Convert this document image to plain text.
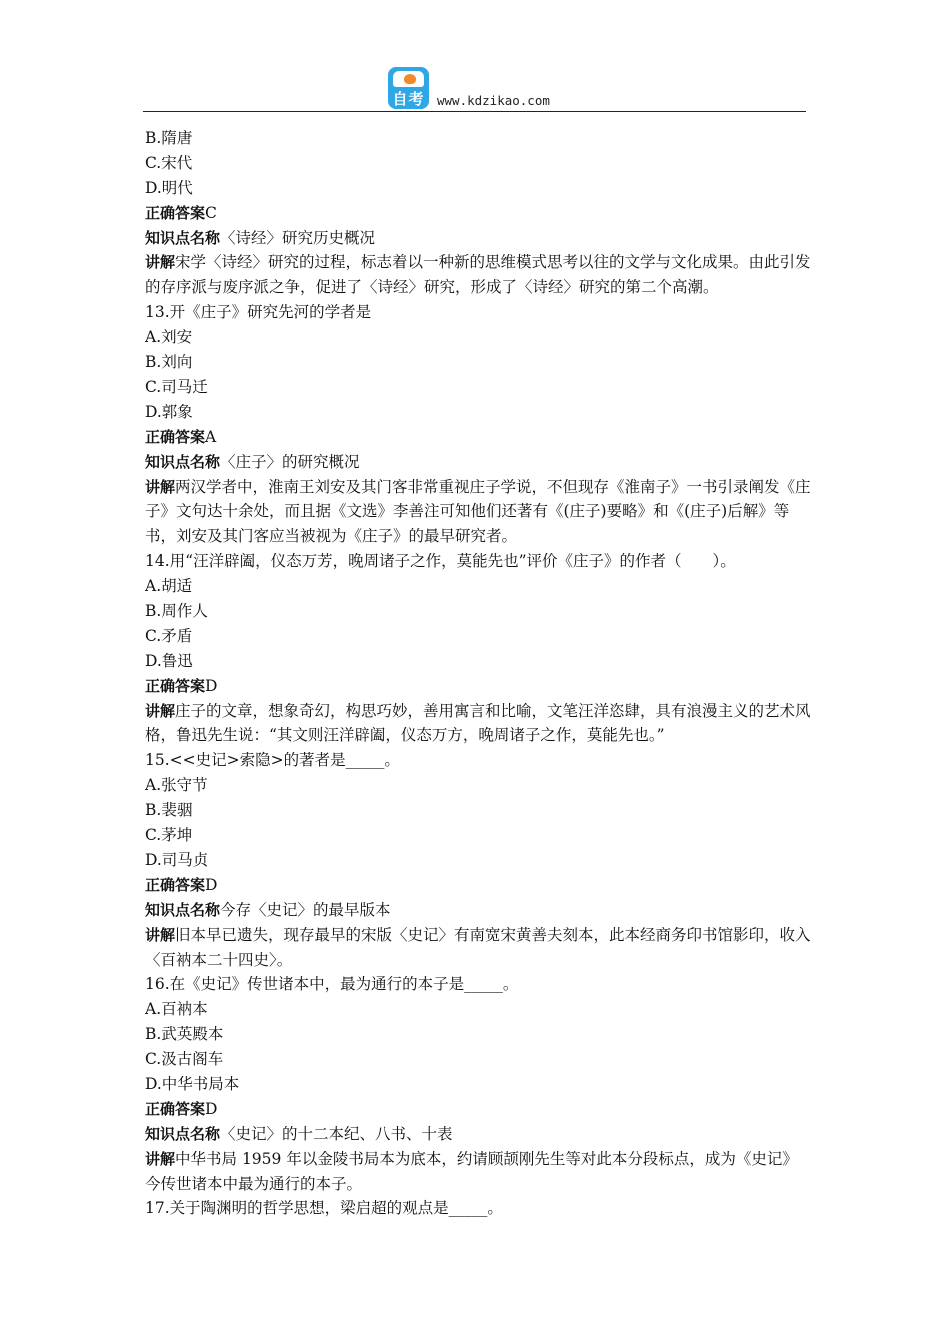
自考	www.kdzikao.com
B.隋唐
C.宋代
D.明代
正确答案C
知识点名称〈诗经〉研究历史概况
讲解宋学〈诗经〉研究的过程，标志着以一种新的思维模式思考以往的文学与文化成果。由此引发的存序派与废序派之争，促进了〈诗经〉研究，形成了〈诗经〉研究的第二个高潮。
13.开《庄子》研究先河的学者是
A.刘安
B.刘向
C.司马迁
D.郭象
正确答案A
知识点名称〈庄子〉的研究概况
讲解两汉学者中，淮南王刘安及其门客非常重视庄子学说，不但现存《淮南子》一书引录阐发《庄子》文句达十余处，而且据《文选》李善注可知他们还著有《(庄子)要略》和《(庄子)后解》等书，刘安及其门客应当被视为《庄子》的最早研究者。
14.用“汪洋辟阖，仪态万芳，晚周诸子之作，莫能先也”评价《庄子》的作者（　　）。
A.胡适
B.周作人
C.矛盾
D.鲁迅
正确答案D
讲解庄子的文章，想象奇幻，构思巧妙，善用寓言和比喻，文笔汪洋恣肆，具有浪漫主义的艺术风格，鲁迅先生说：“其文则汪洋辟阖，仪态万方，晚周诸子之作，莫能先也。”
15.<<史记>索隐>的著者是_____。
A.张守节
B.裴骃
C.茅坤
D.司马贞
正确答案D
知识点名称今存〈史记〉的最早版本
讲解旧本早已遗失，现存最早的宋版〈史记〉有南宽宋黄善夫刻本，此本经商务印书馆影印，收入〈百衲本二十四史〉。
16.在《史记》传世诸本中，最为通行的本子是_____。
A.百衲本
B.武英殿本
C.汲古阁车
D.中华书局本
正确答案D
知识点名称〈史记〉的十二本纪、八书、十表
讲解中华书局 1959 年以金陵书局本为底本，约请顾颉刚先生等对此本分段标点，成为《史记》今传世诸本中最为通行的本子。
17.关于陶渊明的哲学思想，梁启超的观点是_____。
